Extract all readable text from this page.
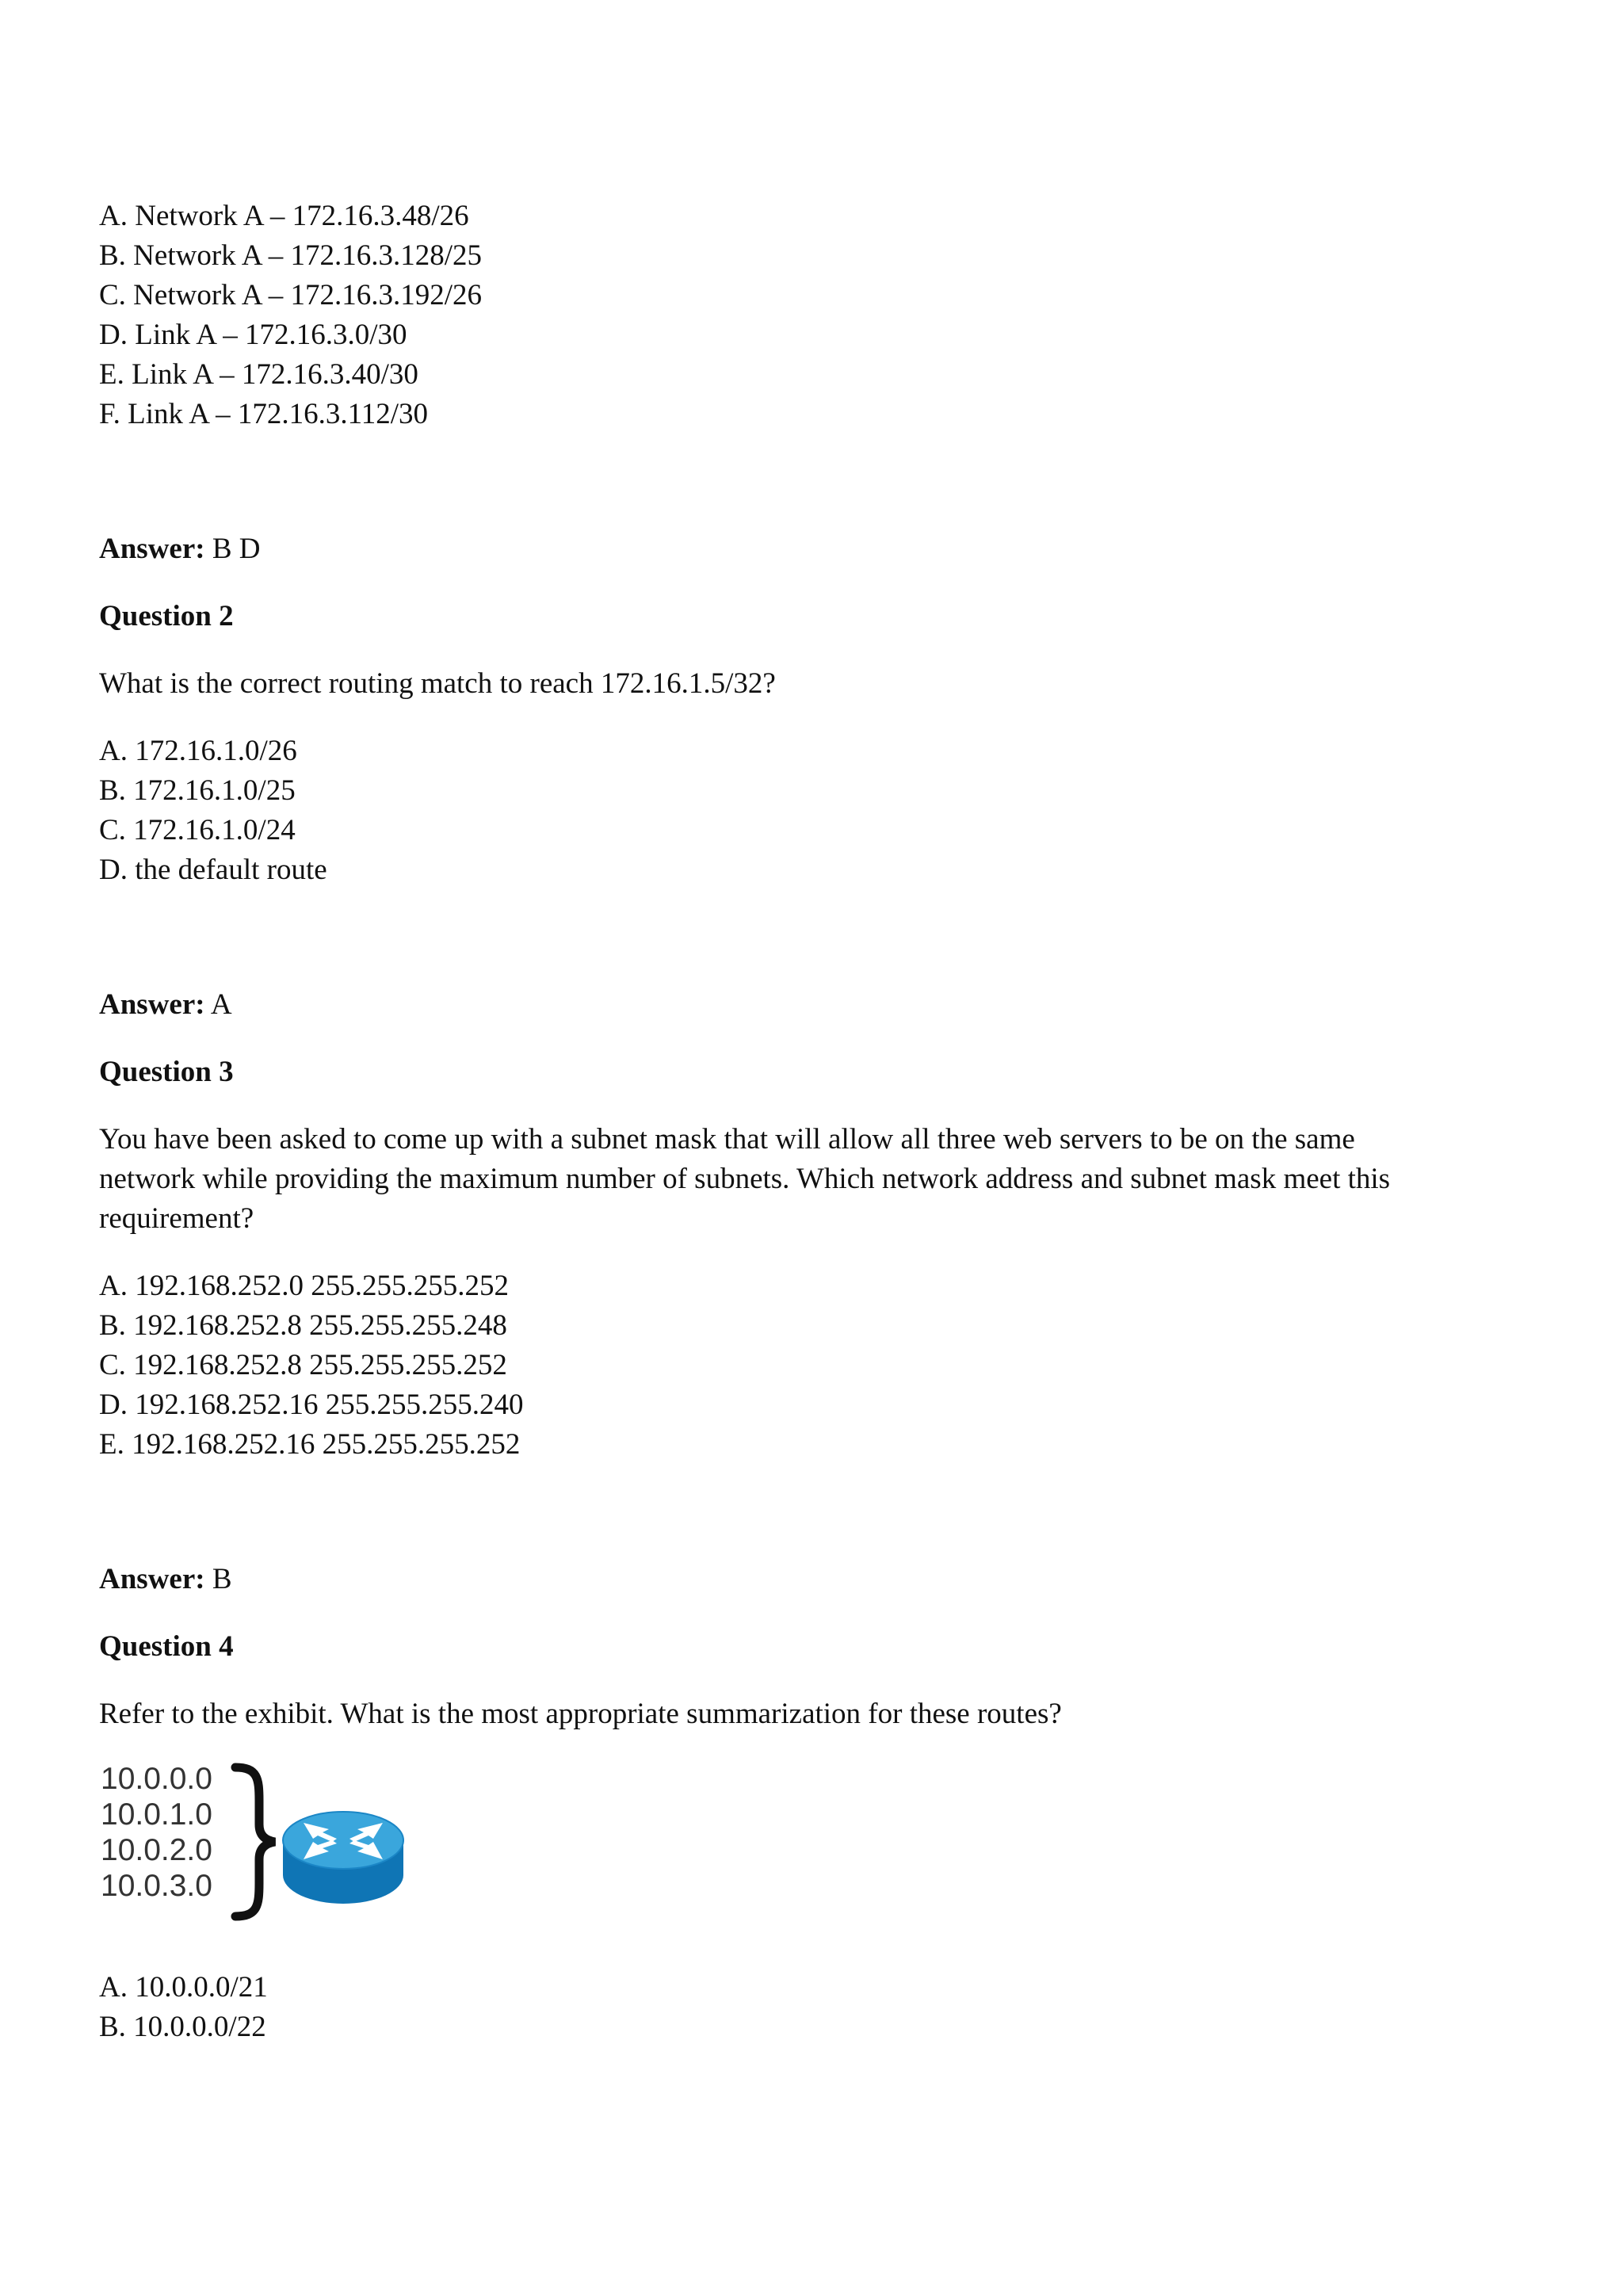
A. Network A – 172.16.3.48/26
B. Network A – 172.16.3.128/25
C. Network A – 172.16.3.192/26
D. Link A – 172.16.3.0/30
E. Link A – 172.16.3.40/30
F. Link A – 172.16.3.112/30
Answer: B D
Question 2
What is the correct routing match to reach 172.16.1.5/32?
A. 172.16.1.0/26
B. 172.16.1.0/25
C. 172.16.1.0/24
D. the default route
Answer: A
Question 3
You have been asked to come up with a subnet mask that will allow all three web servers to be on the same
network while providing the maximum number of subnets. Which network address and subnet mask meet this
requirement?
A. 192.168.252.0 255.255.255.252
B. 192.168.252.8 255.255.255.248
C. 192.168.252.8 255.255.255.252
D. 192.168.252.16 255.255.255.240
E. 192.168.252.16 255.255.255.252
Answer: B
Question 4
Refer to the exhibit. What is the most appropriate summarization for these routes?
10.0.0.0
10.0.1.0
10.0.2.0
10.0.3.0
A. 10.0.0.0/21
B. 10.0.0.0/22
